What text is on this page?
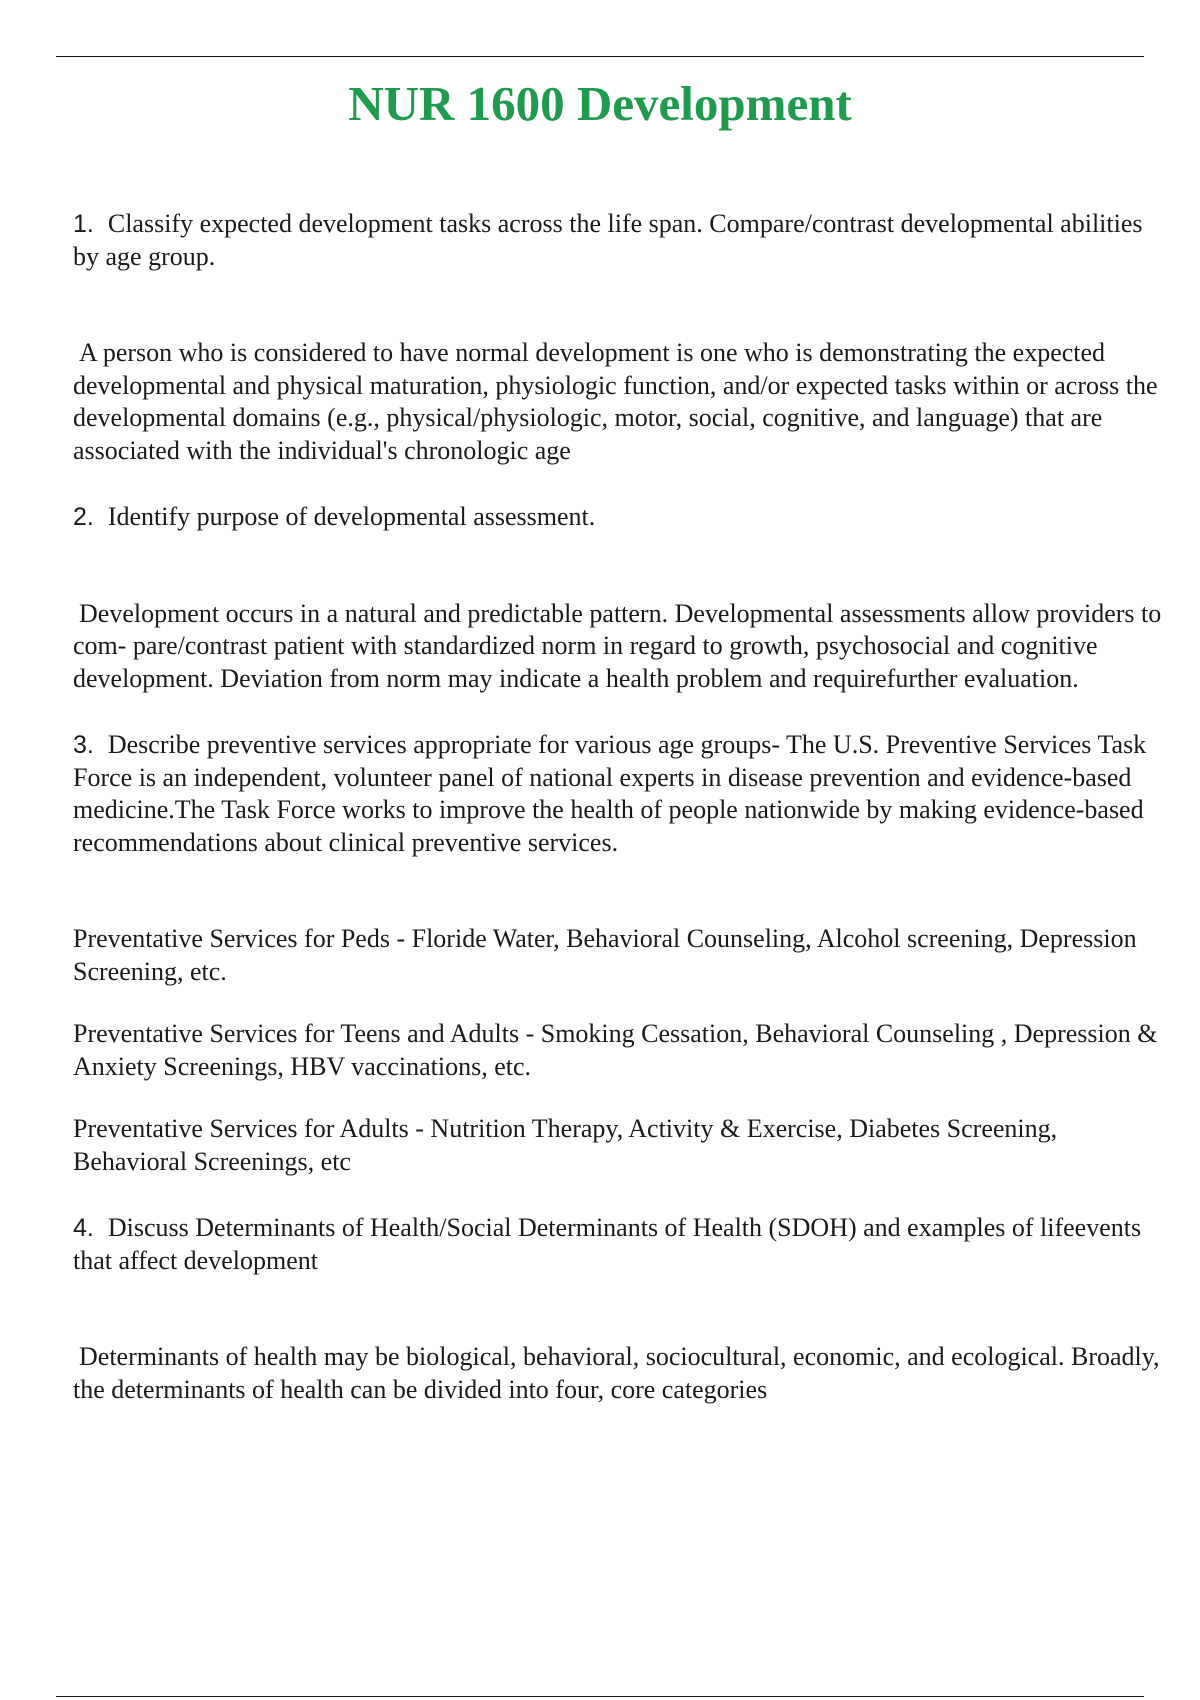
NUR 1600 Development

1. Classify expected development tasks across the life span. Compare/contrast developmental abilities by age group.

A person who is considered to have normal development is one who is demonstrating the expected developmental and physical maturation, physiologic function, and/or expected tasks within or across the developmental domains (e.g., physical/physiologic, motor, social, cognitive, and language) that are associated with the individual's chronologic age

2. Identify purpose of developmental assessment.

Development occurs in a natural and predictable pattern. Developmental assessments allow providers to com- pare/contrast patient with standardized norm in regard to growth, psychosocial and cognitive development. Deviation from norm may indicate a health problem and requirefurther evaluation.

3. Describe preventive services appropriate for various age groups- The U.S. Preventive Services Task Force is an independent, volunteer panel of national experts in disease prevention and evidence-based medicine.The Task Force works to improve the health of people nationwide by making evidence-based recommendations about clinical preventive services.

Preventative Services for Peds - Floride Water, Behavioral Counseling, Alcohol screening, Depression Screening, etc.

Preventative Services for Teens and Adults - Smoking Cessation, Behavioral Counseling , Depression & Anxiety Screenings, HBV vaccinations, etc.

Preventative Services for Adults - Nutrition Therapy, Activity & Exercise, Diabetes Screening, Behavioral Screenings, etc

4. Discuss Determinants of Health/Social Determinants of Health (SDOH) and examples of lifeevents that affect development

Determinants of health may be biological, behavioral, sociocultural, economic, and ecological. Broadly, the determinants of health can be divided into four, core categories
